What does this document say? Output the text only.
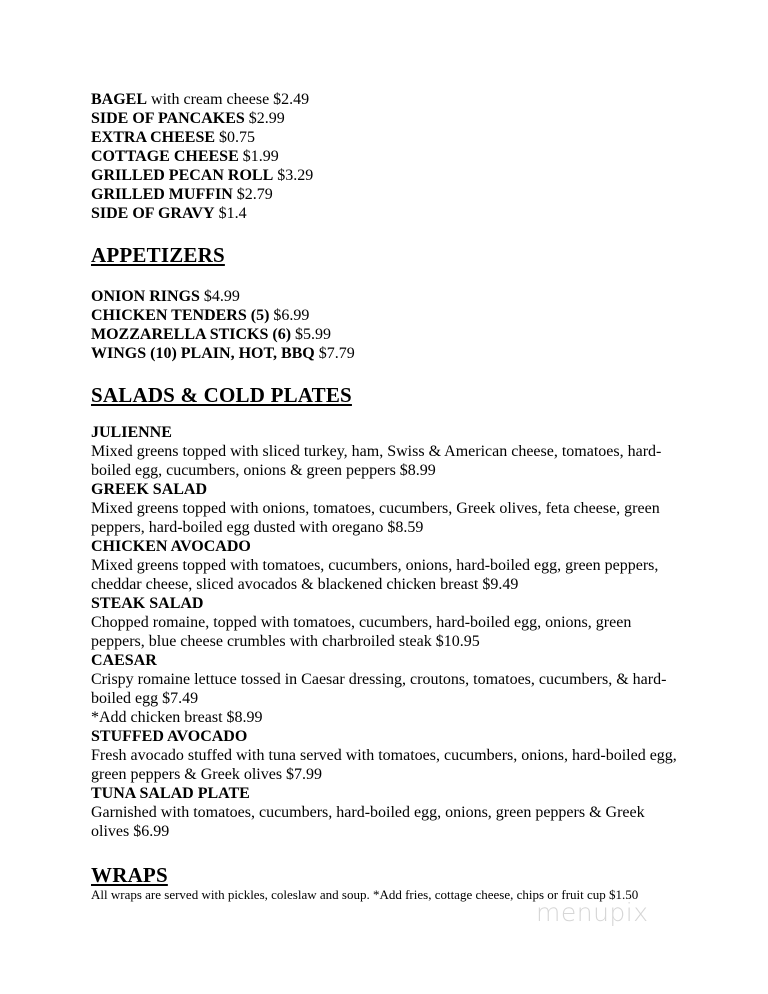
BAGEL with cream cheese $2.49

SIDE OF PANCAKES $2.99

EXTRA CHEESE $0.75

COTTAGE CHEESE $1.99

GRILLED PECAN ROLL $3.29

GRILLED MUFFIN $2.79

SIDE OF GRAVY $1.4

APPETIZERS

ONION RINGS $4.99

CHICKEN TENDERS (5) $6.99

MOZZARELLA STICKS (6) $5.99

WINGS (10) PLAIN, HOT, BBQ $7.79

SALADS & COLD PLATES

JULIENNE

Mixed greens topped with sliced turkey, ham, Swiss & American cheese, tomatoes, hard-boiled egg, cucumbers, onions & green peppers $8.99

GREEK SALAD

Mixed greens topped with onions, tomatoes, cucumbers, Greek olives, feta cheese, green peppers, hard-boiled egg dusted with oregano $8.59

CHICKEN AVOCADO

Mixed greens topped with tomatoes, cucumbers, onions, hard-boiled egg, green peppers, cheddar cheese, sliced avocados & blackened chicken breast $9.49

STEAK SALAD

Chopped romaine, topped with tomatoes, cucumbers, hard-boiled egg, onions, green peppers, blue cheese crumbles with charbroiled steak $10.95

CAESAR

Crispy romaine lettuce tossed in Caesar dressing, croutons, tomatoes, cucumbers, & hard-boiled egg $7.49

*Add chicken breast $8.99

STUFFED AVOCADO

Fresh avocado stuffed with tuna served with tomatoes, cucumbers, onions, hard-boiled egg, green peppers & Greek olives $7.99

TUNA SALAD PLATE

Garnished with tomatoes, cucumbers, hard-boiled egg, onions, green peppers & Greek olives $6.99

WRAPS

All wraps are served with pickles, coleslaw and soup. *Add fries, cottage cheese, chips or fruit cup $1.50

menupix
